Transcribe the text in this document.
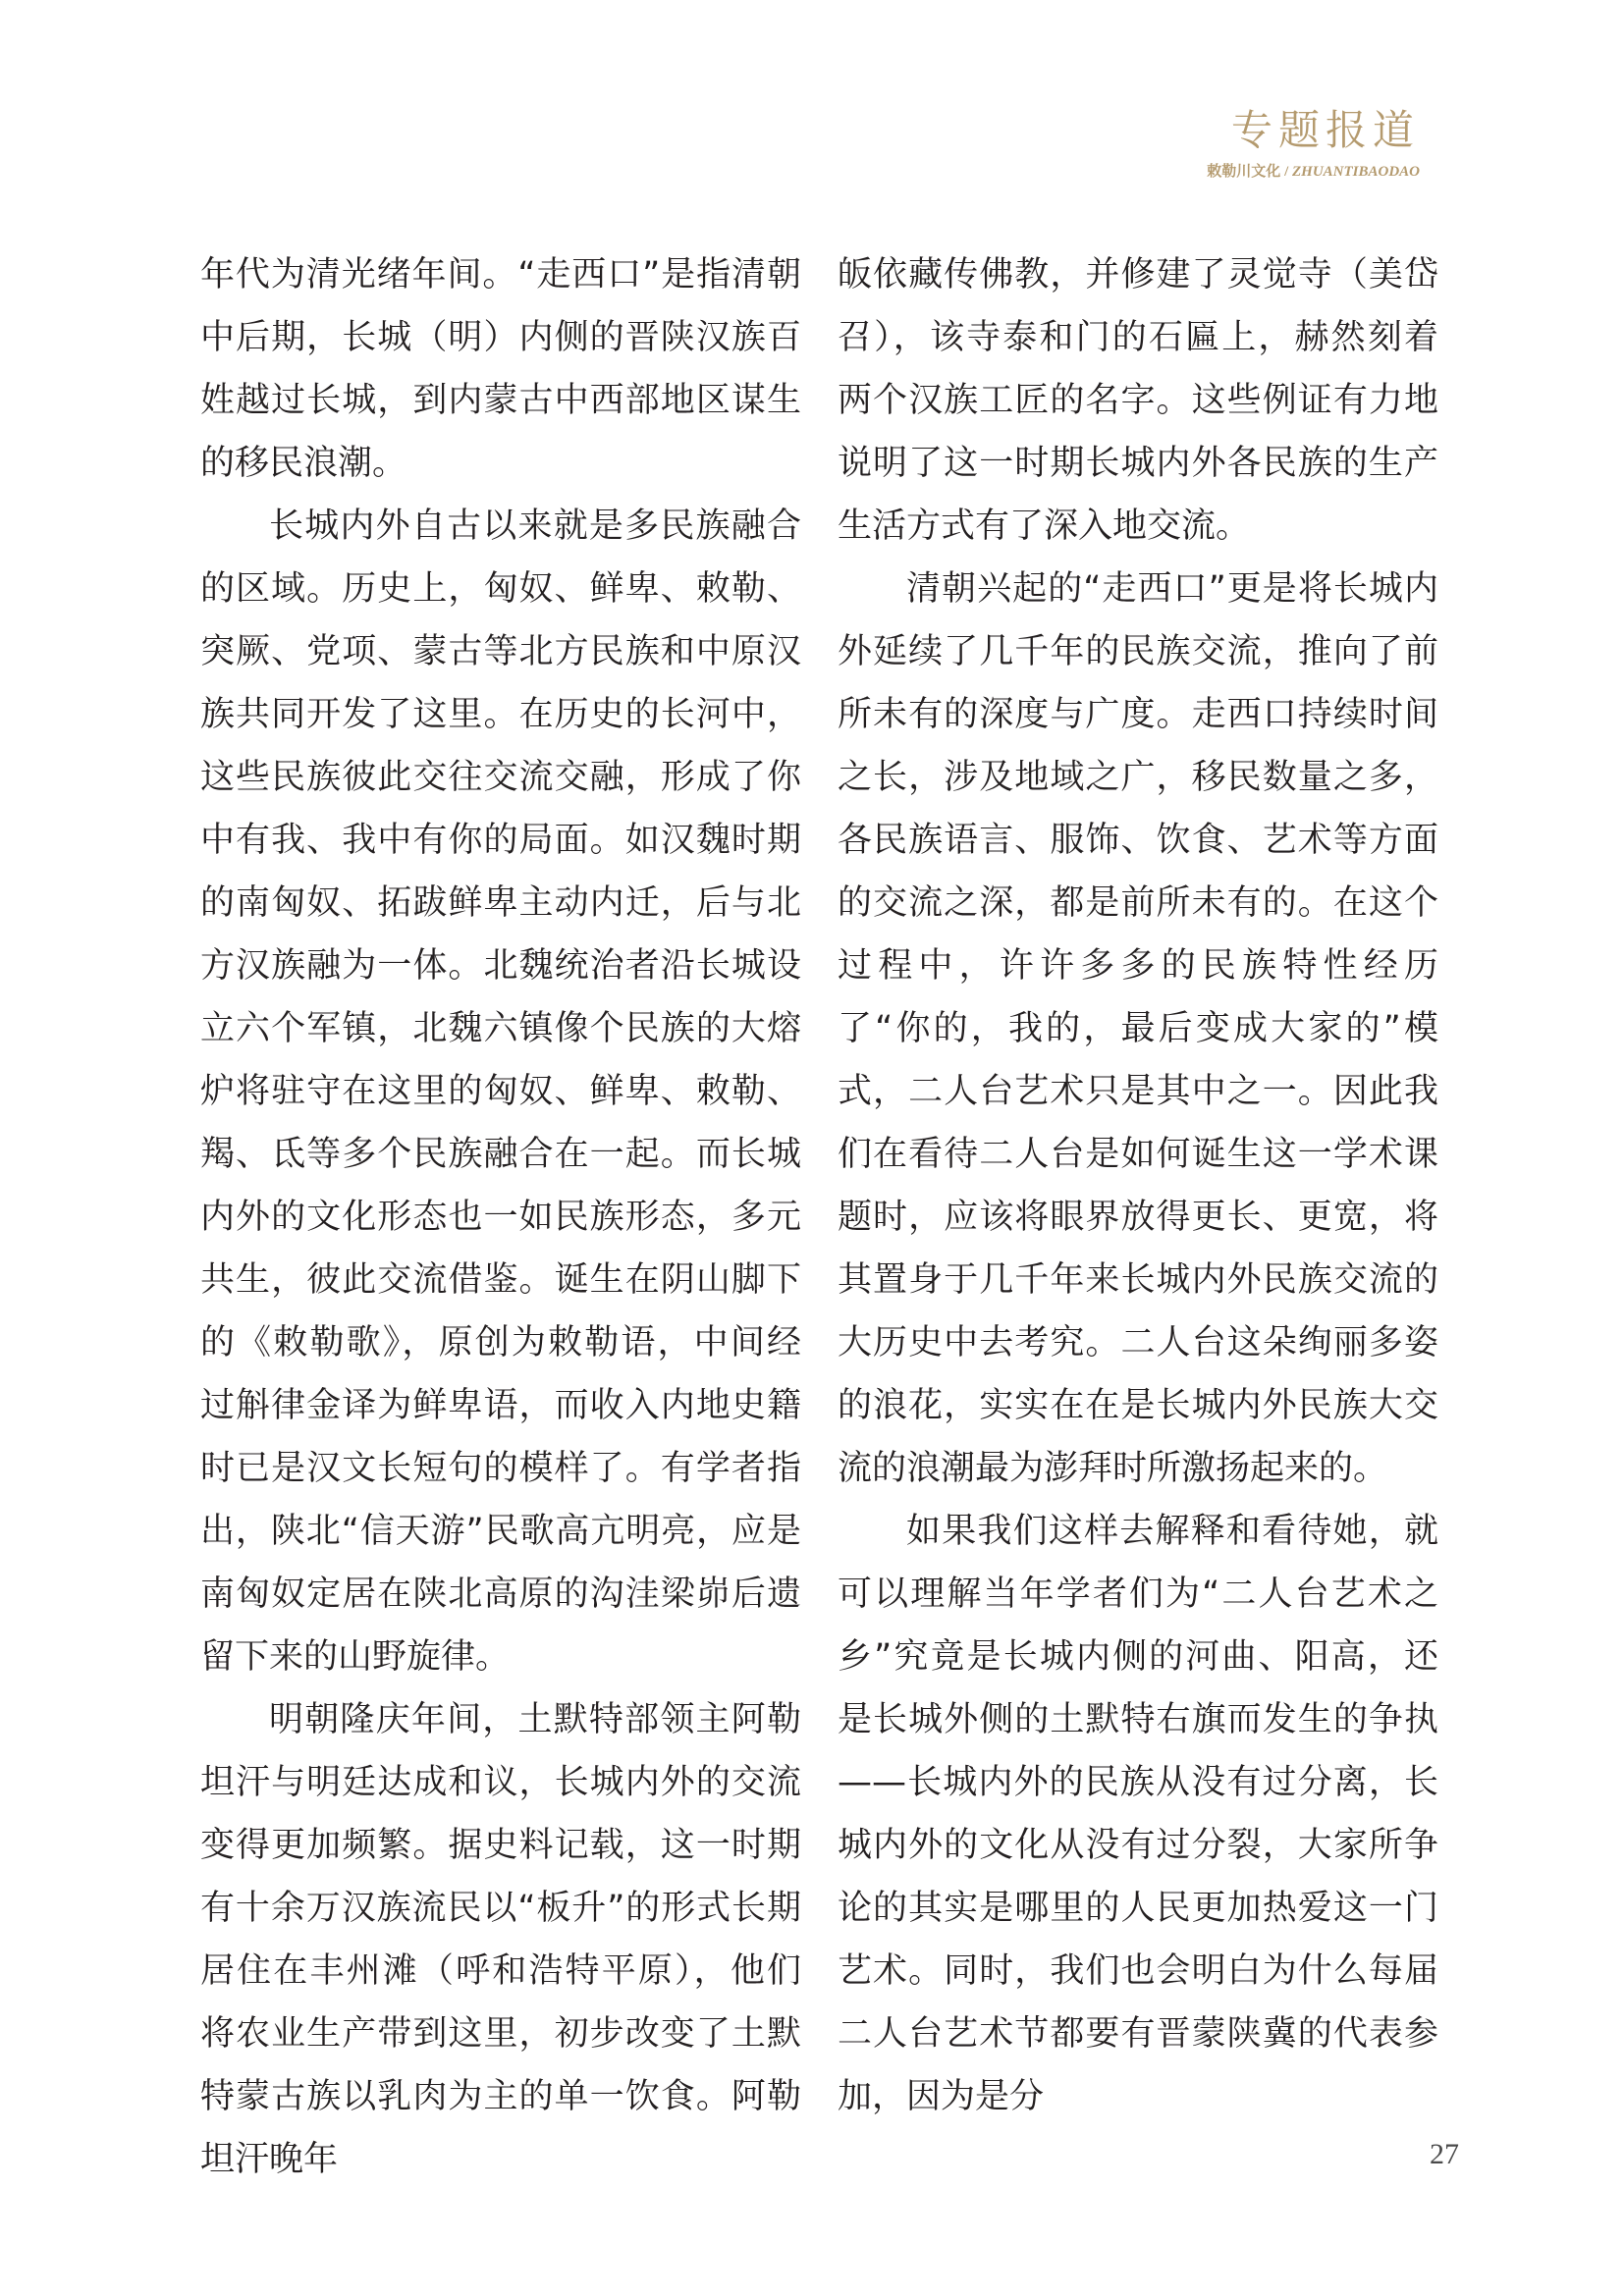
专题报道
敕勒川文化 / ZHUANTIBAODAO

年代为清光绪年间。“走西口”是指清朝中后期，长城（明）内侧的晋陕汉族百姓越过长城，到内蒙古中西部地区谋生的移民浪潮。

长城内外自古以来就是多民族融合的区域。历史上，匈奴、鲜卑、敕勒、突厥、党项、蒙古等北方民族和中原汉族共同开发了这里。在历史的长河中，这些民族彼此交往交流交融，形成了你中有我、我中有你的局面。如汉魏时期的南匈奴、拓跋鲜卑主动内迁，后与北方汉族融为一体。北魏统治者沿长城设立六个军镇，北魏六镇像个民族的大熔炉将驻守在这里的匈奴、鲜卑、敕勒、羯、氐等多个民族融合在一起。而长城内外的文化形态也一如民族形态，多元共生，彼此交流借鉴。诞生在阴山脚下的《敕勒歌》，原创为敕勒语，中间经过斛律金译为鲜卑语，而收入内地史籍时已是汉文长短句的模样了。有学者指出，陕北“信天游”民歌高亢明亮，应是南匈奴定居在陕北高原的沟洼梁峁后遗留下来的山野旋律。

明朝隆庆年间，土默特部领主阿勒坦汗与明廷达成和议，长城内外的交流变得更加频繁。据史料记载，这一时期有十余万汉族流民以“板升”的形式长期居住在丰州滩（呼和浩特平原），他们将农业生产带到这里，初步改变了土默特蒙古族以乳肉为主的单一饮食。阿勒坦汗晚年

皈依藏传佛教，并修建了灵觉寺（美岱召），该寺泰和门的石匾上，赫然刻着两个汉族工匠的名字。这些例证有力地说明了这一时期长城内外各民族的生产生活方式有了深入地交流。

清朝兴起的“走西口”更是将长城内外延续了几千年的民族交流，推向了前所未有的深度与广度。走西口持续时间之长，涉及地域之广，移民数量之多，各民族语言、服饰、饮食、艺术等方面的交流之深，都是前所未有的。在这个过程中，许许多多的民族特性经历了“你的，我的，最后变成大家的”模式，二人台艺术只是其中之一。因此我们在看待二人台是如何诞生这一学术课题时，应该将眼界放得更长、更宽，将其置身于几千年来长城内外民族交流的大历史中去考究。二人台这朵绚丽多姿的浪花，实实在在是长城内外民族大交流的浪潮最为澎拜时所激扬起来的。

如果我们这样去解释和看待她，就可以理解当年学者们为“二人台艺术之乡”究竟是长城内侧的河曲、阳高，还是长城外侧的土默特右旗而发生的争执——长城内外的民族从没有过分离，长城内外的文化从没有过分裂，大家所争论的其实是哪里的人民更加热爱这一门艺术。同时，我们也会明白为什么每届二人台艺术节都要有晋蒙陕冀的代表参加，因为是分

27
